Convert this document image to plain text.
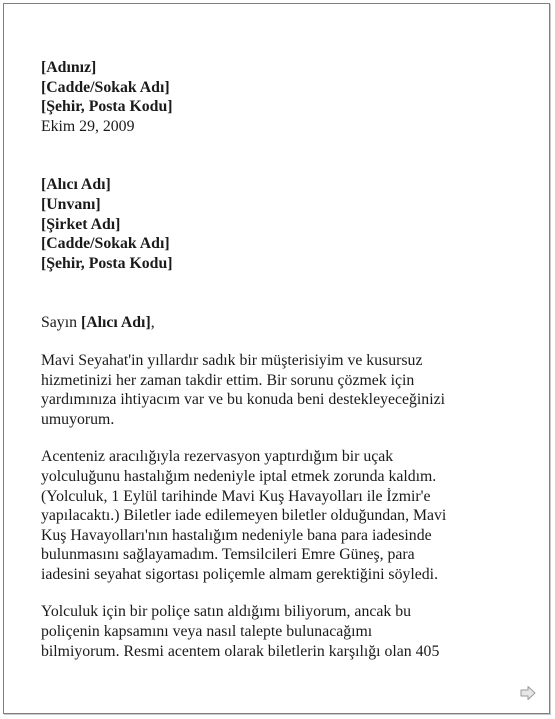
[Adınız]
[Cadde/Sokak Adı]
[Şehir, Posta Kodu]
Ekim 29, 2009
[Alıcı Adı]
[Unvanı]
[Şirket Adı]
[Cadde/Sokak Adı]
[Şehir, Posta Kodu]

Sayın [Alıcı Adı],

Mavi Seyahat'in yıllardır sadık bir müşterisiyim ve kusursuz
hizmetinizi her zaman takdir ettim. Bir sorunu çözmek için
yardımınıza ihtiyacım var ve bu konuda beni destekleyeceğinizi
umuyorum.

Acenteniz aracılığıyla rezervasyon yaptırdığım bir uçak
yolculuğunu hastalığım nedeniyle iptal etmek zorunda kaldım.
(Yolculuk, 1 Eylül tarihinde Mavi Kuş Havayolları ile İzmir'e
yapılacaktı.) Biletler iade edilemeyen biletler olduğundan, Mavi
Kuş Havayolları'nın hastalığım nedeniyle bana para iadesinde
bulunmasını sağlayamadım. Temsilcileri Emre Güneş, para
iadesini seyahat sigortası poliçemle almam gerektiğini söyledi.

Yolculuk için bir poliçe satın aldığımı biliyorum, ancak bu
poliçenin kapsamını veya nasıl talepte bulunacağımı
bilmiyorum. Resmi acentem olarak biletlerin karşılığı olan 405
